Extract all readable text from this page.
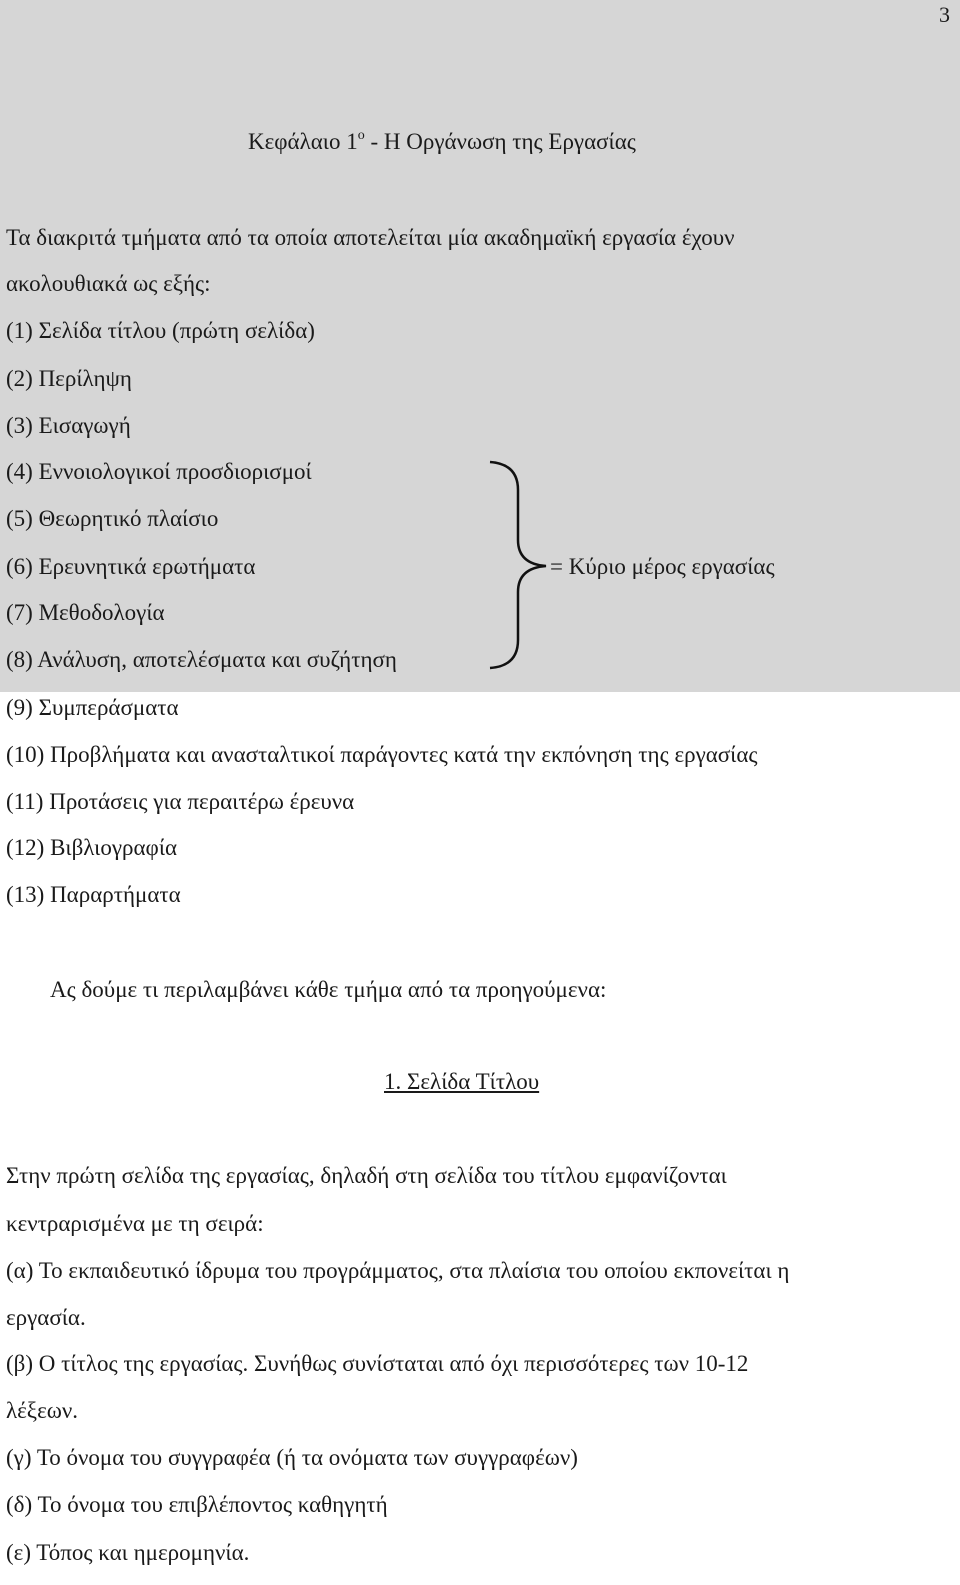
3
Κεφάλαιο $1^o$ - Η Οργάνωση της Εργασίας
Τα διακριτά τμήματα από τα οποία αποτελείται μία ακαδημαϊκή εργασία έχουν
ακολουθιακά ως εξής:
(1) Σελίδα τίτλου (πρώτη σελίδα)
(2) Περίληψη
(3) Εισαγωγή
(4) Εννοιολογικοί προσδιορισμοί
(5) Θεωρητικό πλαίσιο
(6) Ερευνητικά ερωτήματα
(7) Μεθοδολογία
(8) Ανάλυση, αποτελέσματα και συζήτηση
(9) Συμπεράσματα
(10) Προβλήματα και ανασταλτικοί παράγοντες κατά την εκπόνηση της εργασίας
(11) Προτάσεις για περαιτέρω έρευνα
(12) Βιβλιογραφία
(13) Παραρτήματα
= Κύριο μέρος εργασίας
Ας δούμε τι περιλαμβάνει κάθε τμήμα από τα προηγούμενα:
1. Σελίδα Τίτλου
Στην πρώτη σελίδα της εργασίας, δηλαδή στη σελίδα του τίτλου εμφανίζονται
κεντραρισμένα με τη σειρά:
(α) Το εκπαιδευτικό ίδρυμα του προγράμματος, στα πλαίσια του οποίου εκπονείται η
εργασία.
(β) Ο τίτλος της εργασίας. Συνήθως συνίσταται από όχι περισσότερες των 10-12
λέξεων.
(γ) Το όνομα του συγγραφέα (ή τα ονόματα των συγγραφέων)
(δ) Το όνομα του επιβλέποντος καθηγητή
(ε) Τόπος και ημερομηνία.
